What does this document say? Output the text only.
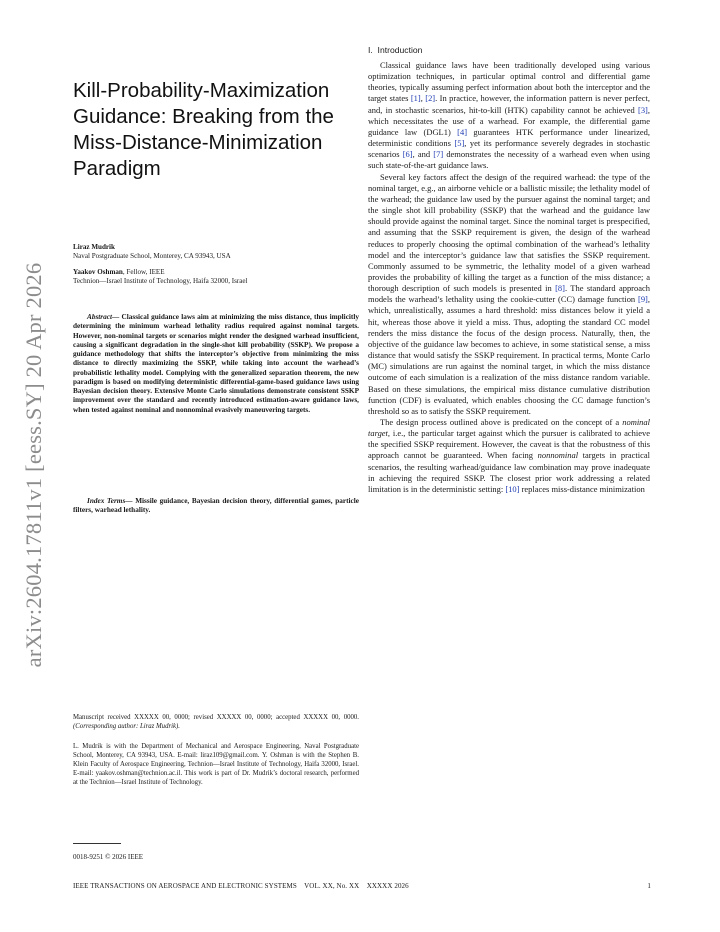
arXiv:2604.17811v1 [eess.SY] 20 Apr 2026
Kill-Probability-Maximization Guidance: Breaking from the Miss-Distance-Minimization Paradigm
Liraz Mudrik
Naval Postgraduate School, Monterey, CA 93943, USA
Yaakov Oshman, Fellow, IEEE
Technion—Israel Institute of Technology, Haifa 32000, Israel

Abstract— Classical guidance laws aim at minimizing the miss distance, thus implicitly determining the minimum warhead lethality radius required against nominal targets. However, non-nominal targets or scenarios might render the designed warhead insufficient, causing a significant degradation in the single-shot kill probability (SSKP). We propose a guidance methodology that shifts the interceptor’s objective from minimizing the miss distance to directly maximizing the SSKP, while taking into account the warhead’s probabilistic lethality model. Complying with the generalized separation theorem, the new paradigm is based on modifying deterministic differential-game-based guidance laws using Bayesian decision theory. Extensive Monte Carlo simulations demonstrate consistent SSKP improvement over the standard and recently introduced estimation-aware guidance laws, when tested against nominal and nonnominal evasively maneuvering targets.

Index Terms— Missile guidance, Bayesian decision theory, differential games, particle filters, warhead lethality.

Manuscript received XXXXX 00, 0000; revised XXXXX 00, 0000; accepted XXXXX 00, 0000. (Corresponding author: Liraz Mudrik).

L. Mudrik is with the Department of Mechanical and Aerospace Engineering, Naval Postgraduate School, Monterey, CA 93943, USA. E-mail: liraz109@gmail.com. Y. Oshman is with the Stephen B. Klein Faculty of Aerospace Engineering, Technion—Israel Institute of Technology, Haifa 32000, Israel. E-mail: yaakov.oshman@technion.ac.il. This work is part of Dr. Mudrik’s doctoral research, performed at the Technion—Israel Institute of Technology.

0018-9251 © 2026 IEEE
IEEE TRANSACTIONS ON AEROSPACE AND ELECTRONIC SYSTEMS    VOL. XX, No. XX    XXXXX 2026	1
I.  Introduction

Classical guidance laws have been traditionally developed using various optimization techniques, in particular optimal control and differential game theories, typically assuming perfect information about both the interceptor and the target states [1], [2]. In practice, however, the information pattern is never perfect, and, in stochastic scenarios, hit-to-kill (HTK) capability cannot be achieved [3], which necessitates the use of a warhead. For example, the differential game guidance law (DGL1) [4] guarantees HTK performance under linearized, deterministic conditions [5], yet its performance severely degrades in stochastic scenarios [6], and [7] demonstrates the necessity of a warhead even when using such state-of-the-art guidance laws.

Several key factors affect the design of the required warhead: the type of the nominal target, e.g., an airborne vehicle or a ballistic missile; the lethality model of the warhead; the guidance law used by the pursuer against the nominal target; and the single shot kill probability (SSKP) that the warhead and the guidance law should provide against the nominal target. Since the nominal target is prespecified, and assuming that the SSKP requirement is given, the design of the warhead reduces to properly choosing the optimal combination of the warhead’s lethality model and the interceptor’s guidance law that satisfies the SSKP requirement. Commonly assumed to be symmetric, the lethality model of a given warhead provides the probability of killing the target as a function of the miss distance; a thorough description of such models is presented in [8]. The standard approach models the warhead’s lethality using the cookie-cutter (CC) damage function [9], which, unrealistically, assumes a hard threshold: miss distances below it yield a hit, whereas those above it yield a miss. Thus, adopting the standard CC model renders the miss distance the focus of the design process. Naturally, then, the objective of the guidance law becomes to achieve, in some statistical sense, a miss distance that would satisfy the SSKP requirement. In practical terms, Monte Carlo (MC) simulations are run against the nominal target, in which the miss distance outcome of each simulation is a realization of the miss distance random variable. Based on these simulations, the empirical miss distance cumulative distribution function (CDF) is evaluated, which enables choosing the CC damage function’s threshold so as to satisfy the SSKP requirement.

The design process outlined above is predicated on the concept of a nominal target, i.e., the particular target against which the pursuer is calibrated to achieve the specified SSKP requirement. However, the caveat is that the robustness of this approach cannot be guaranteed. When facing nonnominal targets in practical scenarios, the resulting warhead/guidance law combination may prove inadequate in achieving the required SSKP. The closest prior work addressing a related limitation is in the deterministic setting: [10] replaces miss-distance minimization
